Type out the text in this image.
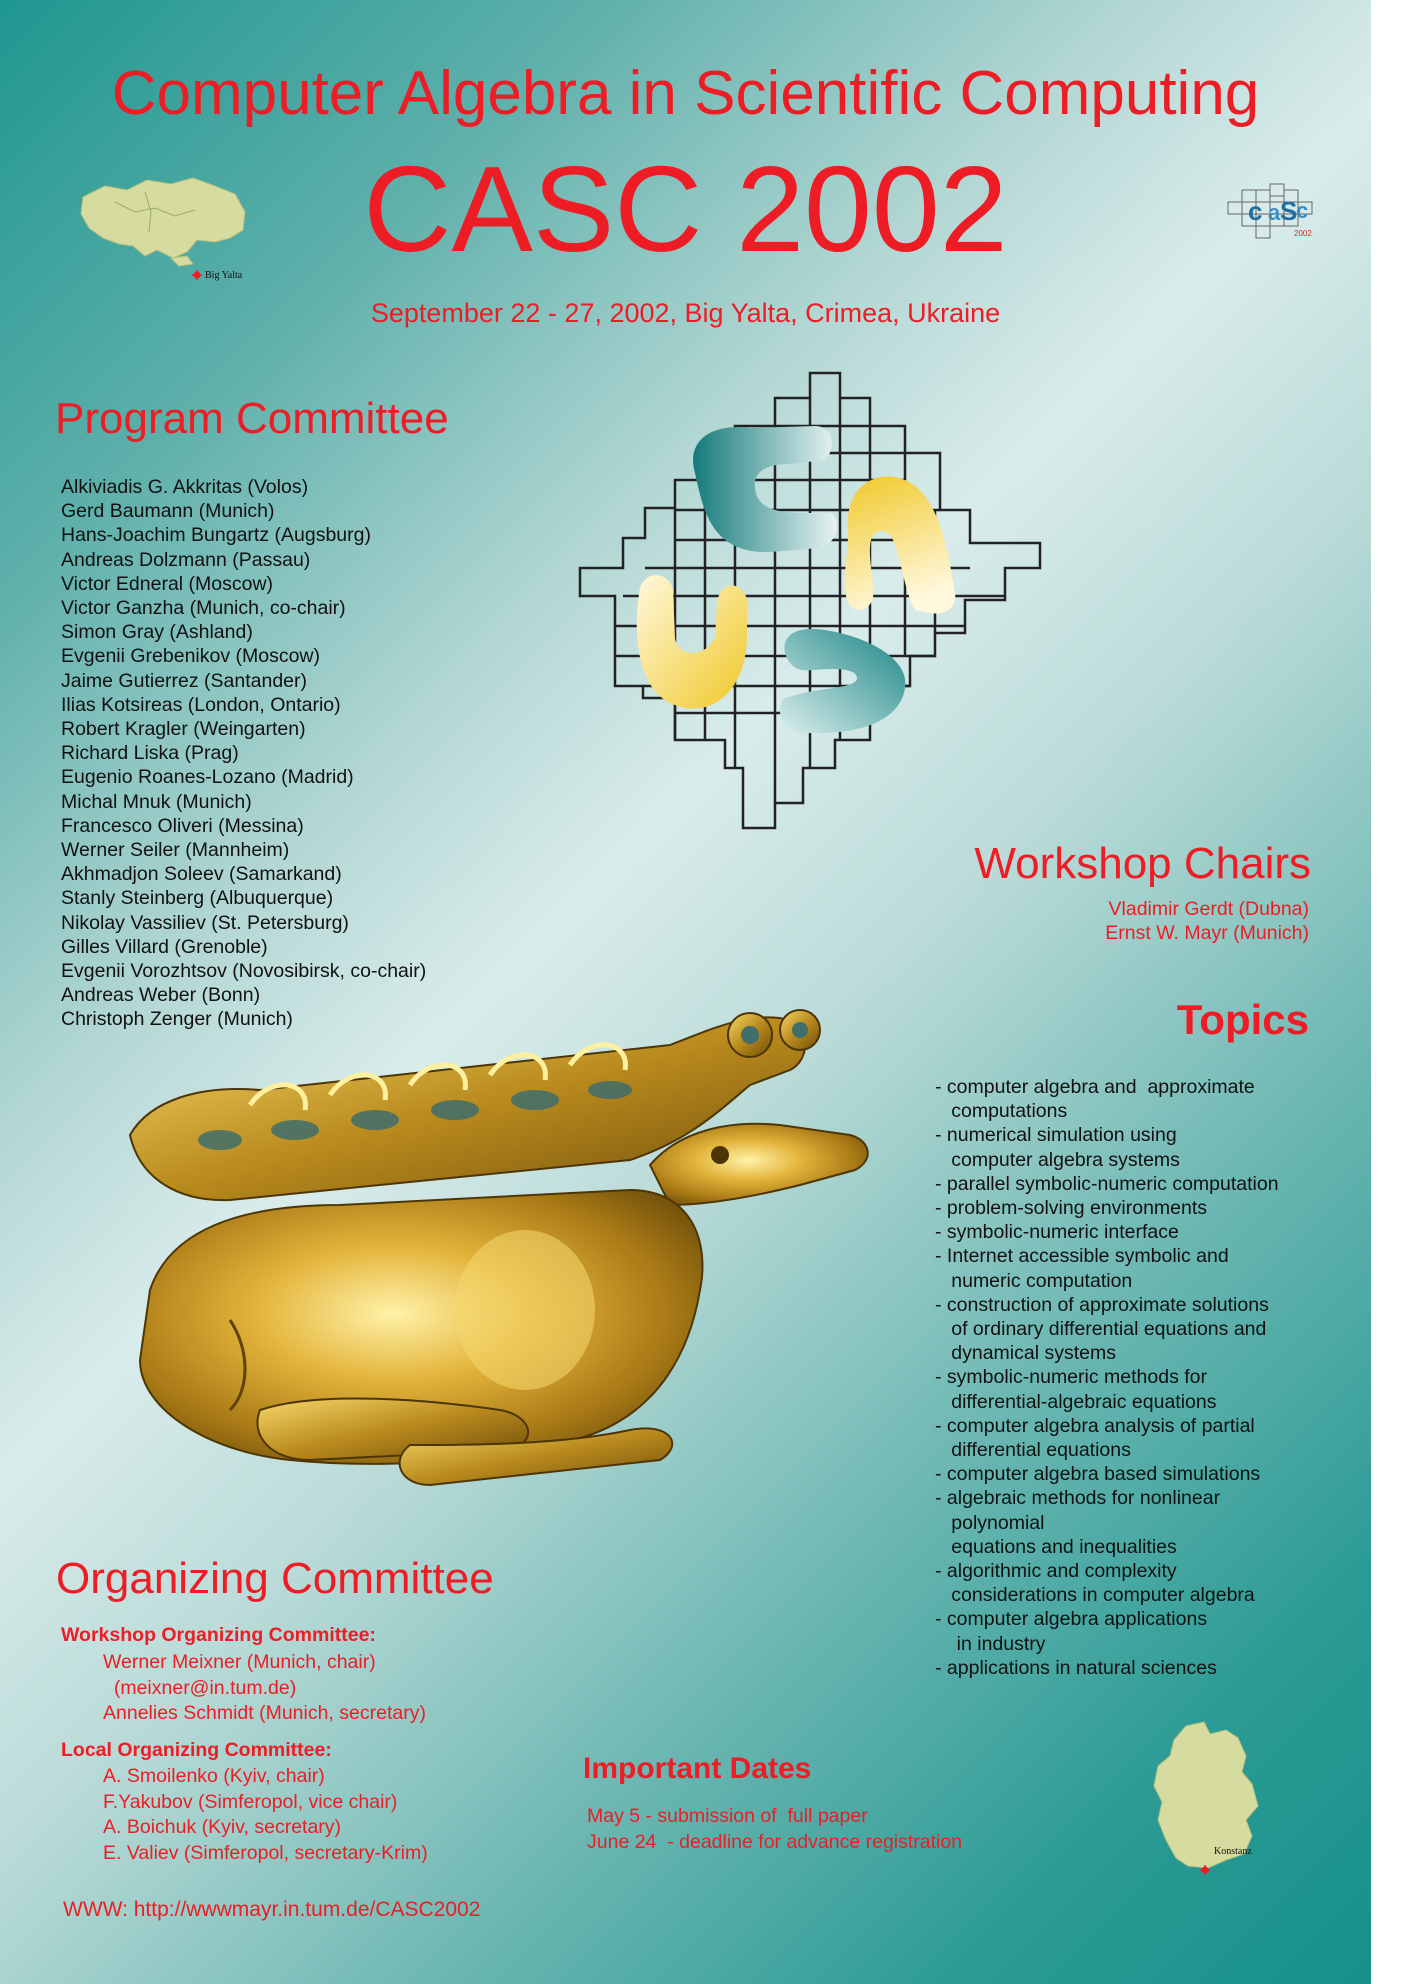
Computer Algebra in Scientific Computing
CASC 2002
September 22 - 27, 2002, Big Yalta, Crimea, Ukraine
Big Yalta
c a S
c
2002
Program Committee
Alkiviadis G. Akkritas (Volos)
Gerd Baumann (Munich)
Hans-Joachim Bungartz (Augsburg)
Andreas Dolzmann (Passau)
Victor Edneral (Moscow)
Victor Ganzha (Munich, co-chair)
Simon Gray (Ashland)
Evgenii Grebenikov (Moscow)
Jaime Gutierrez (Santander)
Ilias Kotsireas (London, Ontario)
Robert Kragler (Weingarten)
Richard Liska (Prag)
Eugenio Roanes-Lozano (Madrid)
Michal Mnuk (Munich)
Francesco Oliveri (Messina)
Werner Seiler (Mannheim)
Akhmadjon Soleev (Samarkand)
Stanly Steinberg (Albuquerque)
Nikolay Vassiliev (St. Petersburg)
Gilles Villard (Grenoble)
Evgenii Vorozhtsov (Novosibirsk, co-chair)
Andreas Weber (Bonn)
Christoph Zenger (Munich)
Workshop Chairs
Vladimir Gerdt (Dubna)
Ernst W. Mayr (Munich)
Topics
- computer algebra and  approximate
computations
- numerical simulation using
computer algebra systems
- parallel symbolic-numeric computation
- problem-solving environments
- symbolic-numeric interface
- Internet accessible symbolic and
numeric computation
- construction of approximate solutions
of ordinary differential equations and
dynamical systems
- symbolic-numeric methods for
differential-algebraic equations
- computer algebra analysis of partial
differential equations
- computer algebra based simulations
- algebraic methods for nonlinear
polynomial
equations and inequalities
- algorithmic and complexity
considerations in computer algebra
- computer algebra applications
in industry
- applications in natural sciences
Organizing Committee
Workshop Organizing Committee:
Werner Meixner (Munich, chair)
(meixner@in.tum.de)
Annelies Schmidt (Munich, secretary)
Local Organizing Committee:
A. Smoilenko (Kyiv, chair)
F.Yakubov (Simferopol, vice chair)
A. Boichuk (Kyiv, secretary)
E. Valiev (Simferopol, secretary-Krim)
Important Dates
May 5 - submission of  full paper
June 24  - deadline for advance registration	Konstanz
WWW: http://wwwmayr.in.tum.de/CASC2002
